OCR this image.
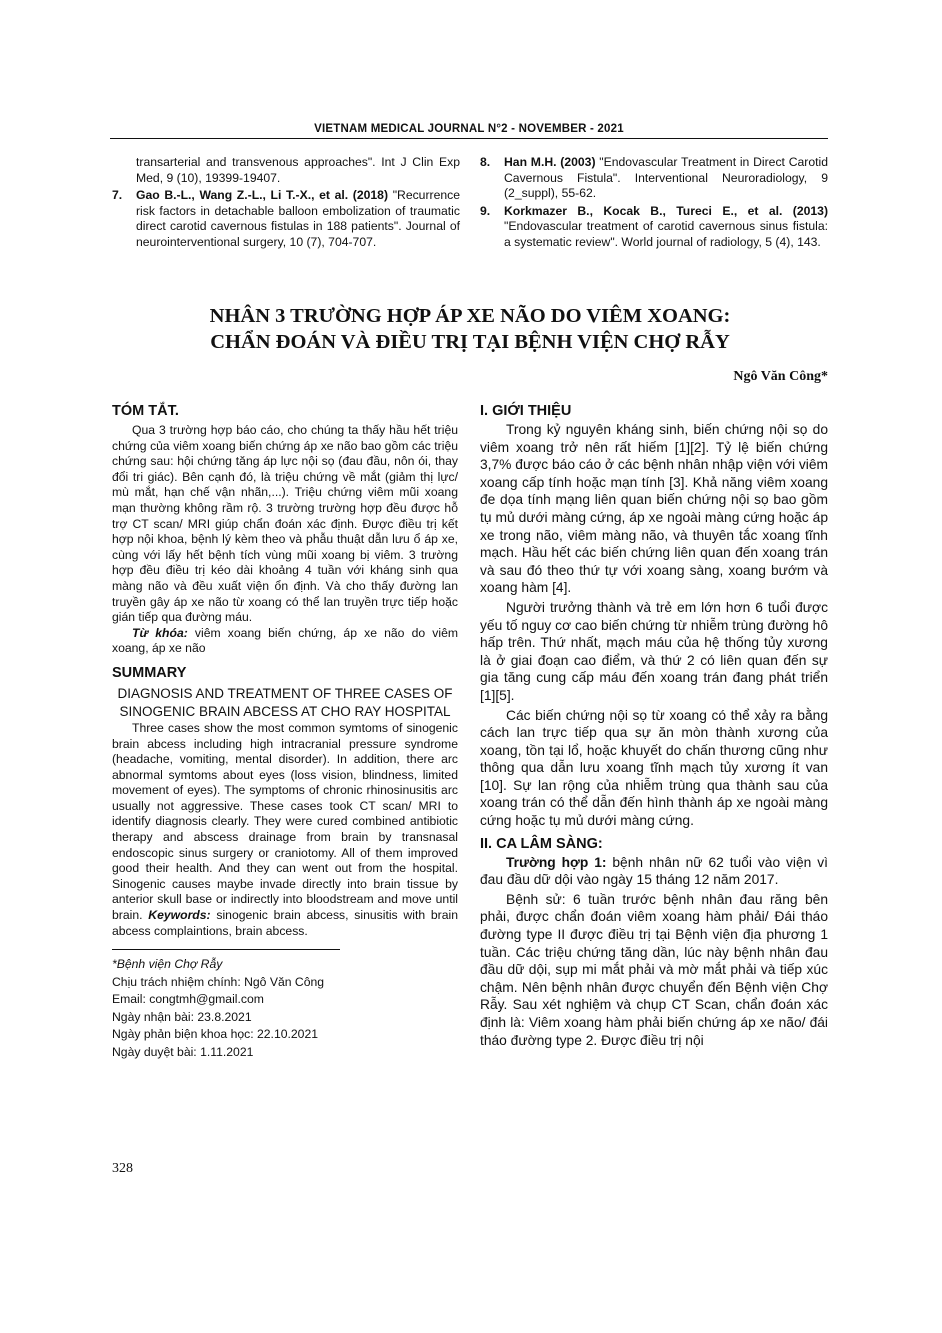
VIETNAM MEDICAL JOURNAL N°2 - NOVEMBER - 2021
transarterial and transvenous approaches". Int J Clin Exp Med, 9 (10), 19399-19407.
7.	Gao B.-L., Wang Z.-L., Li T.-X., et al. (2018) "Recurrence risk factors in detachable balloon embolization of traumatic direct carotid cavernous fistulas in 188 patients". Journal of neurointerventional surgery, 10 (7), 704-707.
8.	Han M.H. (2003) "Endovascular Treatment in Direct Carotid Cavernous Fistula". Interventional Neuroradiology, 9 (2_suppl), 55-62.
9.	Korkmazer B., Kocak B., Tureci E., et al. (2013) "Endovascular treatment of carotid cavernous sinus fistula: a systematic review". World journal of radiology, 5 (4), 143.
NHÂN 3 TRƯỜNG HỢP ÁP XE NÃO DO VIÊM XOANG:
CHẨN ĐOÁN VÀ ĐIỀU TRỊ TẠI BỆNH VIỆN CHỢ RẪY
Ngô Văn Công*
TÓM TẮT.
Qua 3 trường hợp báo cáo, cho chúng ta thấy hầu hết triệu chứng của viêm xoang biến chứng áp xe não bao gồm các triệu chứng sau: hội chứng tăng áp lực nội sọ (đau đầu, nôn ói, thay đổi tri giác). Bên cạnh đó, là triệu chứng về mắt (giảm thị lực/ mù mắt, hạn chế vận nhãn,...). Triệu chứng viêm mũi xoang mạn thường không rầm rộ. 3 trường trường hợp đều được hỗ trợ CT scan/ MRI giúp chẩn đoán xác định. Được điều trị kết hợp nội khoa, bệnh lý kèm theo và phẫu thuật dẫn lưu ổ áp xe, cùng với lấy hết bệnh tích vùng mũi xoang bị viêm. 3 trường hợp đều điều trị kéo dài khoảng 4 tuần với kháng sinh qua màng não và đều xuất viện ổn định. Và cho thấy đường lan truyền gây áp xe não từ xoang có thể lan truyền trực tiếp hoặc gián tiếp qua đường máu.
Từ khóa: viêm xoang biến chứng, áp xe não do viêm xoang, áp xe não
SUMMARY
DIAGNOSIS AND TREATMENT OF THREE CASES OF SINOGENIC BRAIN ABCESS AT CHO RAY HOSPITAL
Three cases show the most common symtoms of sinogenic brain abcess including high intracranial pressure syndrome (headache, vomiting, mental disorder). In addition, there arc abnormal symtoms about eyes (loss vision, blindness, limited movement of eyes). The symptoms of chronic rhinosinusitis arc usually not aggressive. These cases took CT scan/ MRI to identify diagnosis clearly. They were cured combined antibiotic therapy and abscess drainage from brain by transnasal endoscopic sinus surgery or craniotomy. All of them improved good their health. And they can went out from the hospital. Sinogenic causes maybe invade directly into brain tissue by anterior skull base or indirectly into bloodstream and move until brain. Keywords: sinogenic brain abcess, sinusitis with brain abcess complaintions, brain abcess.
*Bệnh viện Chợ Rẫy
Chịu trách nhiệm chính: Ngô Văn Công
Email: congtmh@gmail.com
Ngày nhận bài: 23.8.2021
Ngày phản biện khoa học: 22.10.2021
Ngày duyệt bài: 1.11.2021
I. GIỚI THIỆU
Trong kỷ nguyên kháng sinh, biến chứng nội sọ do viêm xoang trở nên rất hiếm [1][2]. Tỷ lệ biến chứng 3,7% được báo cáo ở các bệnh nhân nhập viện với viêm xoang cấp tính hoặc mạn tính [3]. Khả năng viêm xoang đe dọa tính mạng liên quan biến chứng nội sọ bao gồm tụ mủ dưới màng cứng, áp xe ngoài màng cứng hoặc áp xe trong não, viêm màng não, và thuyên tắc xoang tĩnh mạch. Hầu hết các biến chứng liên quan đến xoang trán và sau đó theo thứ tự với xoang sàng, xoang bướm và xoang hàm [4].
Người trưởng thành và trẻ em lớn hơn 6 tuổi được yếu tố nguy cơ cao biến chứng từ nhiễm trùng đường hô hấp trên. Thứ nhất, mạch máu của hệ thống tủy xương là ở giai đoạn cao điểm, và thứ 2 có liên quan đến sự gia tăng cung cấp máu đến xoang trán đang phát triển [1][5].
Các biến chứng nội sọ từ xoang có thể xảy ra bằng cách lan trực tiếp qua sự ăn mòn thành xương của xoang, tồn tại lổ, hoặc khuyết do chấn thương cũng như thông qua dẫn lưu xoang tĩnh mạch tủy xương ít van [10]. Sự lan rộng của nhiễm trùng qua thành sau của xoang trán có thể dẫn đến hình thành áp xe ngoài màng cứng hoặc tụ mủ dưới màng cứng.
II. CA LÂM SÀNG:
Trường hợp 1: bệnh nhân nữ 62 tuổi vào viện vì đau đầu dữ dội vào ngày 15 tháng 12 năm 2017.
Bệnh sử: 6 tuần trước bệnh nhân đau răng bên phải, được chẩn đoán viêm xoang hàm phải/ Đái tháo đường type II được điều trị tại Bệnh viện địa phương 1 tuần. Các triệu chứng tăng dần, lúc này bệnh nhân đau đầu dữ dội, sụp mi mắt phải và mờ mắt phải và tiếp xúc chậm. Nên bệnh nhân được chuyển đến Bệnh viện Chợ Rẫy. Sau xét nghiệm và chụp CT Scan, chẩn đoán xác định là: Viêm xoang hàm phải biến chứng áp xe não/ đái tháo đường type 2. Được điều trị nội
328
